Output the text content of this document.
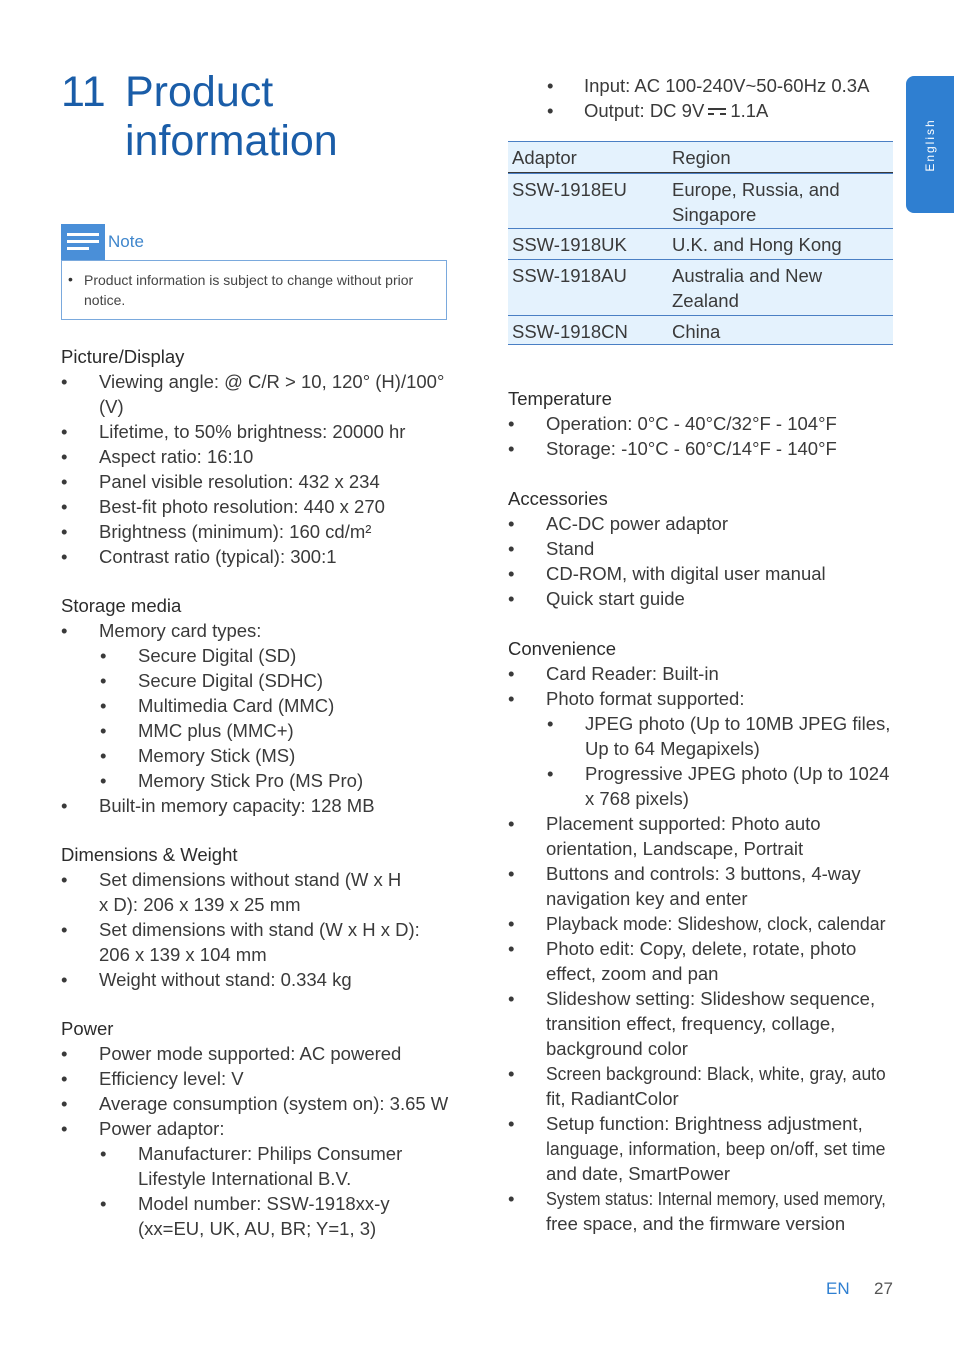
11 Product
information
Note
• Product information is subject to change without prior notice.
Picture/Display
• Viewing angle: @ C/R > 10, 120° (H)/100°
(V)
• Lifetime, to 50% brightness: 20000 hr
• Aspect ratio: 16:10
• Panel visible resolution: 432 x 234
• Best-fit photo resolution: 440 x 270
• Brightness (minimum): 160 cd/m²
• Contrast ratio (typical): 300:1
Storage media
• Memory card types:
• Secure Digital (SD)
• Secure Digital (SDHC)
• Multimedia Card (MMC)
• MMC plus (MMC+)
• Memory Stick (MS)
• Memory Stick Pro (MS Pro)
• Built-in memory capacity: 128 MB
Dimensions & Weight
• Set dimensions without stand (W x H
x D): 206 x 139 x 25 mm
• Set dimensions with stand (W x H x D):
206 x 139 x 104 mm
• Weight without stand: 0.334 kg
Power
• Power mode supported: AC powered
• Efficiency level: V
• Average consumption (system on): 3.65 W
• Power adaptor:
• Manufacturer: Philips Consumer
Lifestyle International B.V.
• Model number: SSW-1918xx-y
(xx=EU, UK, AU, BR; Y=1, 3)
Temperature
• Operation: 0°C - 40°C/32°F - 104°F
• Storage: -10°C - 60°C/14°F - 140°F
Accessories
• AC-DC power adaptor
• Stand
• CD-ROM, with digital user manual
• Quick start guide
Convenience
• Card Reader: Built-in
• Photo format supported:
• JPEG photo (Up to 10MB JPEG files,
Up to 64 Megapixels)
• Progressive JPEG photo (Up to 1024
x 768 pixels)
• Placement supported: Photo auto
orientation, Landscape, Portrait
• Buttons and controls: 3 buttons, 4-way
navigation key and enter
• Playback mode: Slideshow, clock, calendar
• Photo edit: Copy, delete, rotate, photo
effect, zoom and pan
• Slideshow setting: Slideshow sequence,
transition effect, frequency, collage,
background color
• Screen background: Black, white, gray, auto
fit, RadiantColor
• Setup function: Brightness adjustment,
language, information, beep on/off, set time
and date, SmartPower
• System status: Internal memory, used memory,
free space, and the firmware version
• Input: AC 100-240V~50-60Hz 0.3A
• Output: DC 9V 1.1A
Adaptor	Region
SSW-1918EU Europe, Russia, and Singapore
SSW-1918UK U.K. and Hong Kong
SSW-1918AU Australia and New Zealand
SSW-1918CN China
English
EN 27
